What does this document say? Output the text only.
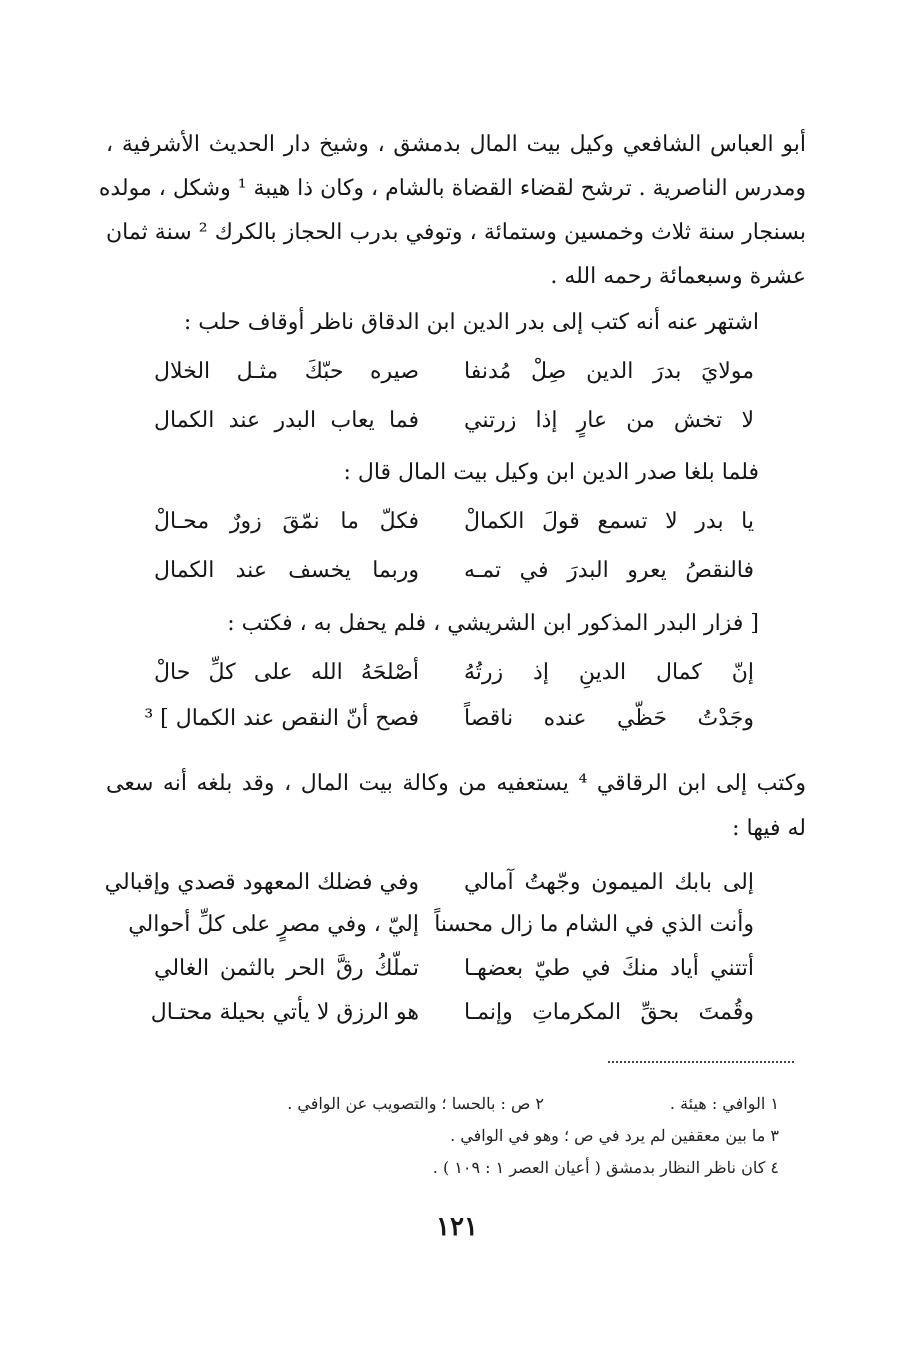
أبو العباس الشافعي وكيل بيت المال بدمشق ، وشيخ دار الحديث الأشرفية ،
ومدرس الناصرية . ترشح لقضاء القضاة بالشام ، وكان ذا هيبة ¹ وشكل ، مولده
بسنجار سنة ثلاث وخمسين وستمائة ، وتوفي بدرب الحجاز بالكرك ² سنة ثمان
عشرة وسبعمائة رحمه الله .
اشتهر عنه أنه كتب إلى بدر الدين ابن الدقاق ناظر أوقاف حلب :
مولايَ بدرَ الدين صِلْ مُدنفا
صيره حبّكَ مثـل الخلال
لا تخش من عارٍ إذا زرتني
فما يعاب البدر عند الكمال
فلما بلغا صدر الدين ابن وكيل بيت المال قال :
يا بدر لا تسمع قولَ الكمالْ
فكلّ ما نمّقَ زورٌ محـالْ
فالنقصُ يعرو البدرَ في تمـه
وربما يخسف عند الكمال
[ فزار البدر المذكور ابن الشريشي ، فلم يحفل به ، فكتب :
إنّ كمال الدينِ إذ زرتُهُ
أصْلحَهُ الله على كلِّ حالْ
وجَدْتُ حَظّي عنده ناقصاً
فصح أنّ النقص عند الكمال ] ³
وكتب إلى ابن الرقاقي ⁴ يستعفيه من وكالة بيت المال ، وقد بلغه أنه سعى
له فيها :
إلى بابك الميمون وجّهتُ آمالي
وفي فضلك المعهود قصدي وإقبالي
وأنت الذي في الشام ما زال محسناً
إليّ ، وفي مصرٍ على كلِّ أحوالي
أتتني أياد منكَ في طيّ بعضهـا
تملّكُ رقَّ الحر بالثمن الغالي
وقُمتَ بحقِّ المكرماتِ وإنمـا
هو الرزق لا يأتي بحيلة محتـال
١ الوافي : هيئة .
٢ ص : بالحسا ؛ والتصويب عن الوافي .
٣ ما بين معقفين لم يرد في ص ؛ وهو في الوافي .
٤ كان ناظر النظار بدمشق ( أعيان العصر ١ : ١٠٩ ) .
١٢١
